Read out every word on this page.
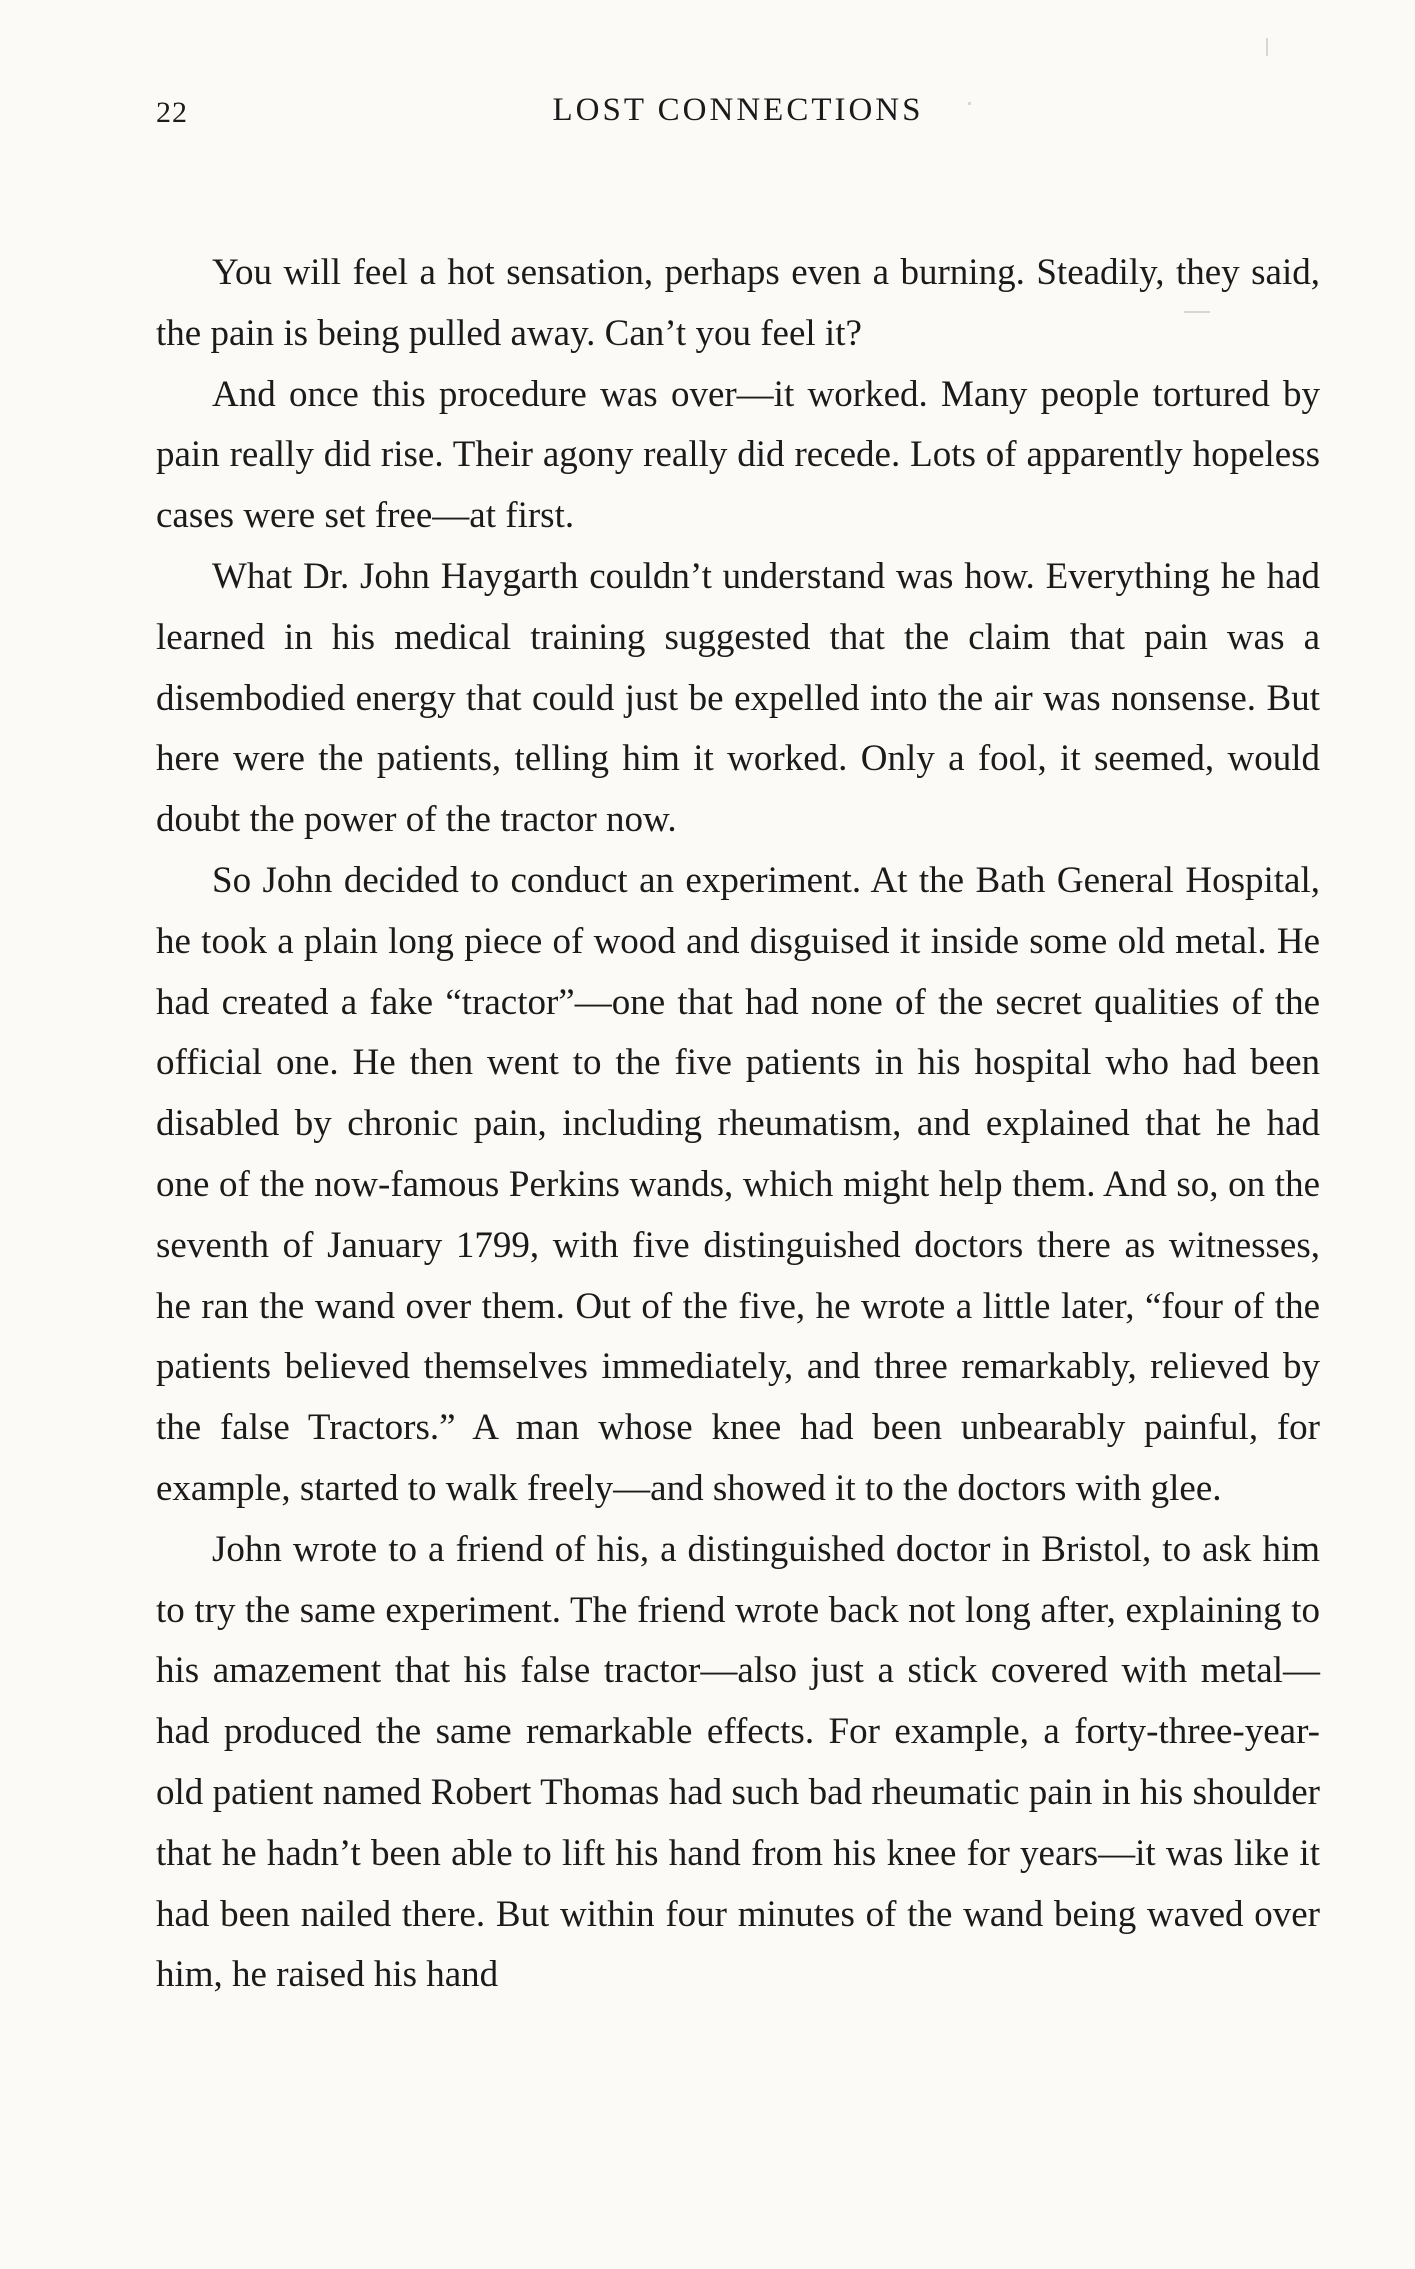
22	LOST CONNECTIONS

You will feel a hot sensation, perhaps even a burning. Steadily, they said, the pain is being pulled away. Can’t you feel it?

And once this procedure was over—it worked. Many people tortured by pain really did rise. Their agony really did recede. Lots of apparently hopeless cases were set free—at first.

What Dr. John Haygarth couldn’t understand was how. Everything he had learned in his medical training suggested that the claim that pain was a disembodied energy that could just be expelled into the air was nonsense. But here were the patients, telling him it worked. Only a fool, it seemed, would doubt the power of the tractor now.

So John decided to conduct an experiment. At the Bath General Hospital, he took a plain long piece of wood and disguised it inside some old metal. He had created a fake “tractor”—one that had none of the secret qualities of the official one. He then went to the five patients in his hospital who had been disabled by chronic pain, including rheumatism, and explained that he had one of the now-famous Perkins wands, which might help them. And so, on the seventh of January 1799, with five distinguished doctors there as witnesses, he ran the wand over them. Out of the five, he wrote a little later, “four of the patients believed themselves immediately, and three remarkably, relieved by the false Tractors.” A man whose knee had been unbearably painful, for example, started to walk freely—and showed it to the doctors with glee.

John wrote to a friend of his, a distinguished doctor in Bristol, to ask him to try the same experiment. The friend wrote back not long after, explaining to his amazement that his false tractor—also just a stick covered with metal—had produced the same remarkable effects. For example, a forty-three-year-old patient named Robert Thomas had such bad rheumatic pain in his shoulder that he hadn’t been able to lift his hand from his knee for years—it was like it had been nailed there. But within four minutes of the wand being waved over him, he raised his hand
